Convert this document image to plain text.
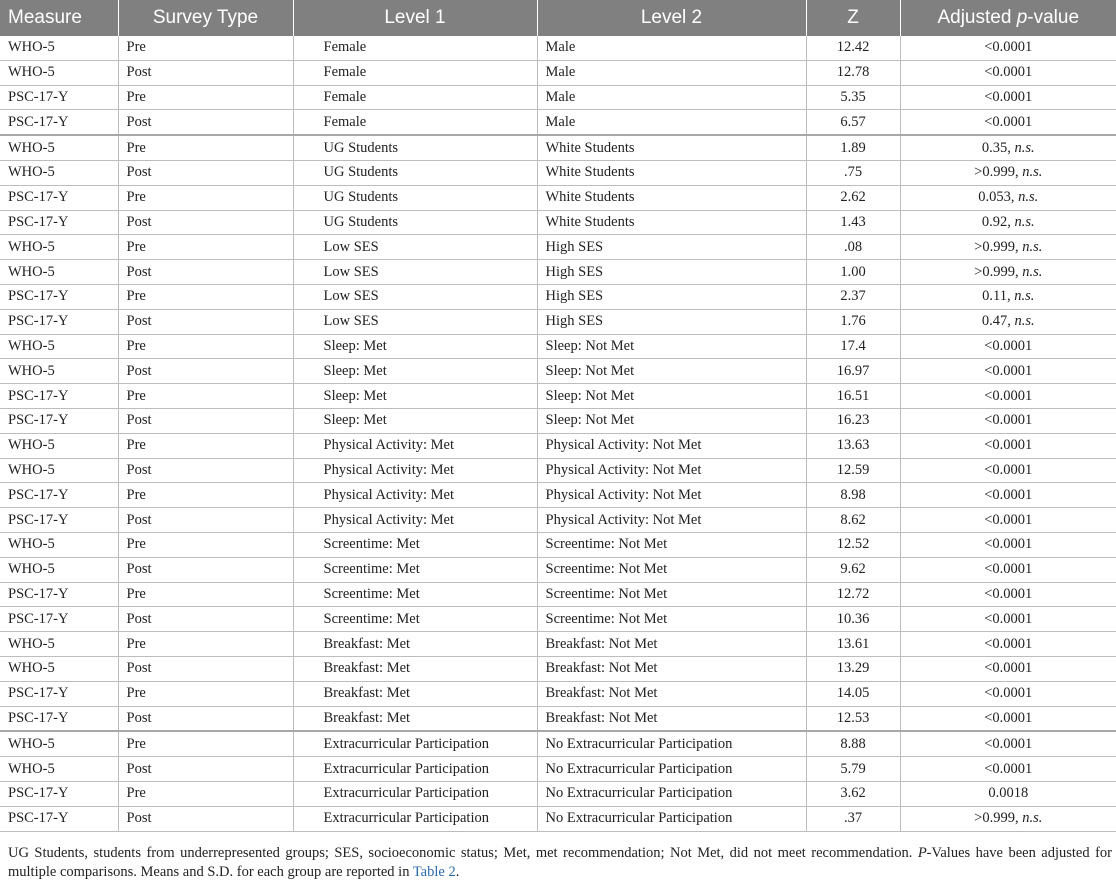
Measure	Survey Type	Level 1	Level 2	Z	Adjusted p-value
WHO-5	Pre	Female	Male	12.42	<0.0001
WHO-5	Post	Female	Male	12.78	<0.0001
PSC-17-Y	Pre	Female	Male	5.35	<0.0001
PSC-17-Y	Post	Female	Male	6.57	<0.0001
WHO-5	Pre	UG Students	White Students	1.89	0.35, n.s.
WHO-5	Post	UG Students	White Students	.75	>0.999, n.s.
PSC-17-Y	Pre	UG Students	White Students	2.62	0.053, n.s.
PSC-17-Y	Post	UG Students	White Students	1.43	0.92, n.s.
WHO-5	Pre	Low SES	High SES	.08	>0.999, n.s.
WHO-5	Post	Low SES	High SES	1.00	>0.999, n.s.
PSC-17-Y	Pre	Low SES	High SES	2.37	0.11, n.s.
PSC-17-Y	Post	Low SES	High SES	1.76	0.47, n.s.
WHO-5	Pre	Sleep: Met	Sleep: Not Met	17.4	<0.0001
WHO-5	Post	Sleep: Met	Sleep: Not Met	16.97	<0.0001
PSC-17-Y	Pre	Sleep: Met	Sleep: Not Met	16.51	<0.0001
PSC-17-Y	Post	Sleep: Met	Sleep: Not Met	16.23	<0.0001
WHO-5	Pre	Physical Activity: Met	Physical Activity: Not Met	13.63	<0.0001
WHO-5	Post	Physical Activity: Met	Physical Activity: Not Met	12.59	<0.0001
PSC-17-Y	Pre	Physical Activity: Met	Physical Activity: Not Met	8.98	<0.0001
PSC-17-Y	Post	Physical Activity: Met	Physical Activity: Not Met	8.62	<0.0001
WHO-5	Pre	Screentime: Met	Screentime: Not Met	12.52	<0.0001
WHO-5	Post	Screentime: Met	Screentime: Not Met	9.62	<0.0001
PSC-17-Y	Pre	Screentime: Met	Screentime: Not Met	12.72	<0.0001
PSC-17-Y	Post	Screentime: Met	Screentime: Not Met	10.36	<0.0001
WHO-5	Pre	Breakfast: Met	Breakfast: Not Met	13.61	<0.0001
WHO-5	Post	Breakfast: Met	Breakfast: Not Met	13.29	<0.0001
PSC-17-Y	Pre	Breakfast: Met	Breakfast: Not Met	14.05	<0.0001
PSC-17-Y	Post	Breakfast: Met	Breakfast: Not Met	12.53	<0.0001
WHO-5	Pre	Extracurricular Participation	No Extracurricular Participation	8.88	<0.0001
WHO-5	Post	Extracurricular Participation	No Extracurricular Participation	5.79	<0.0001
PSC-17-Y	Pre	Extracurricular Participation	No Extracurricular Participation	3.62	0.0018
PSC-17-Y	Post	Extracurricular Participation	No Extracurricular Participation	.37	>0.999, n.s.
UG Students, students from underrepresented groups; SES, socioeconomic status; Met, met recommendation; Not Met, did not meet recommendation. P-Values have been adjusted for multiple comparisons. Means and S.D. for each group are reported in Table 2.
